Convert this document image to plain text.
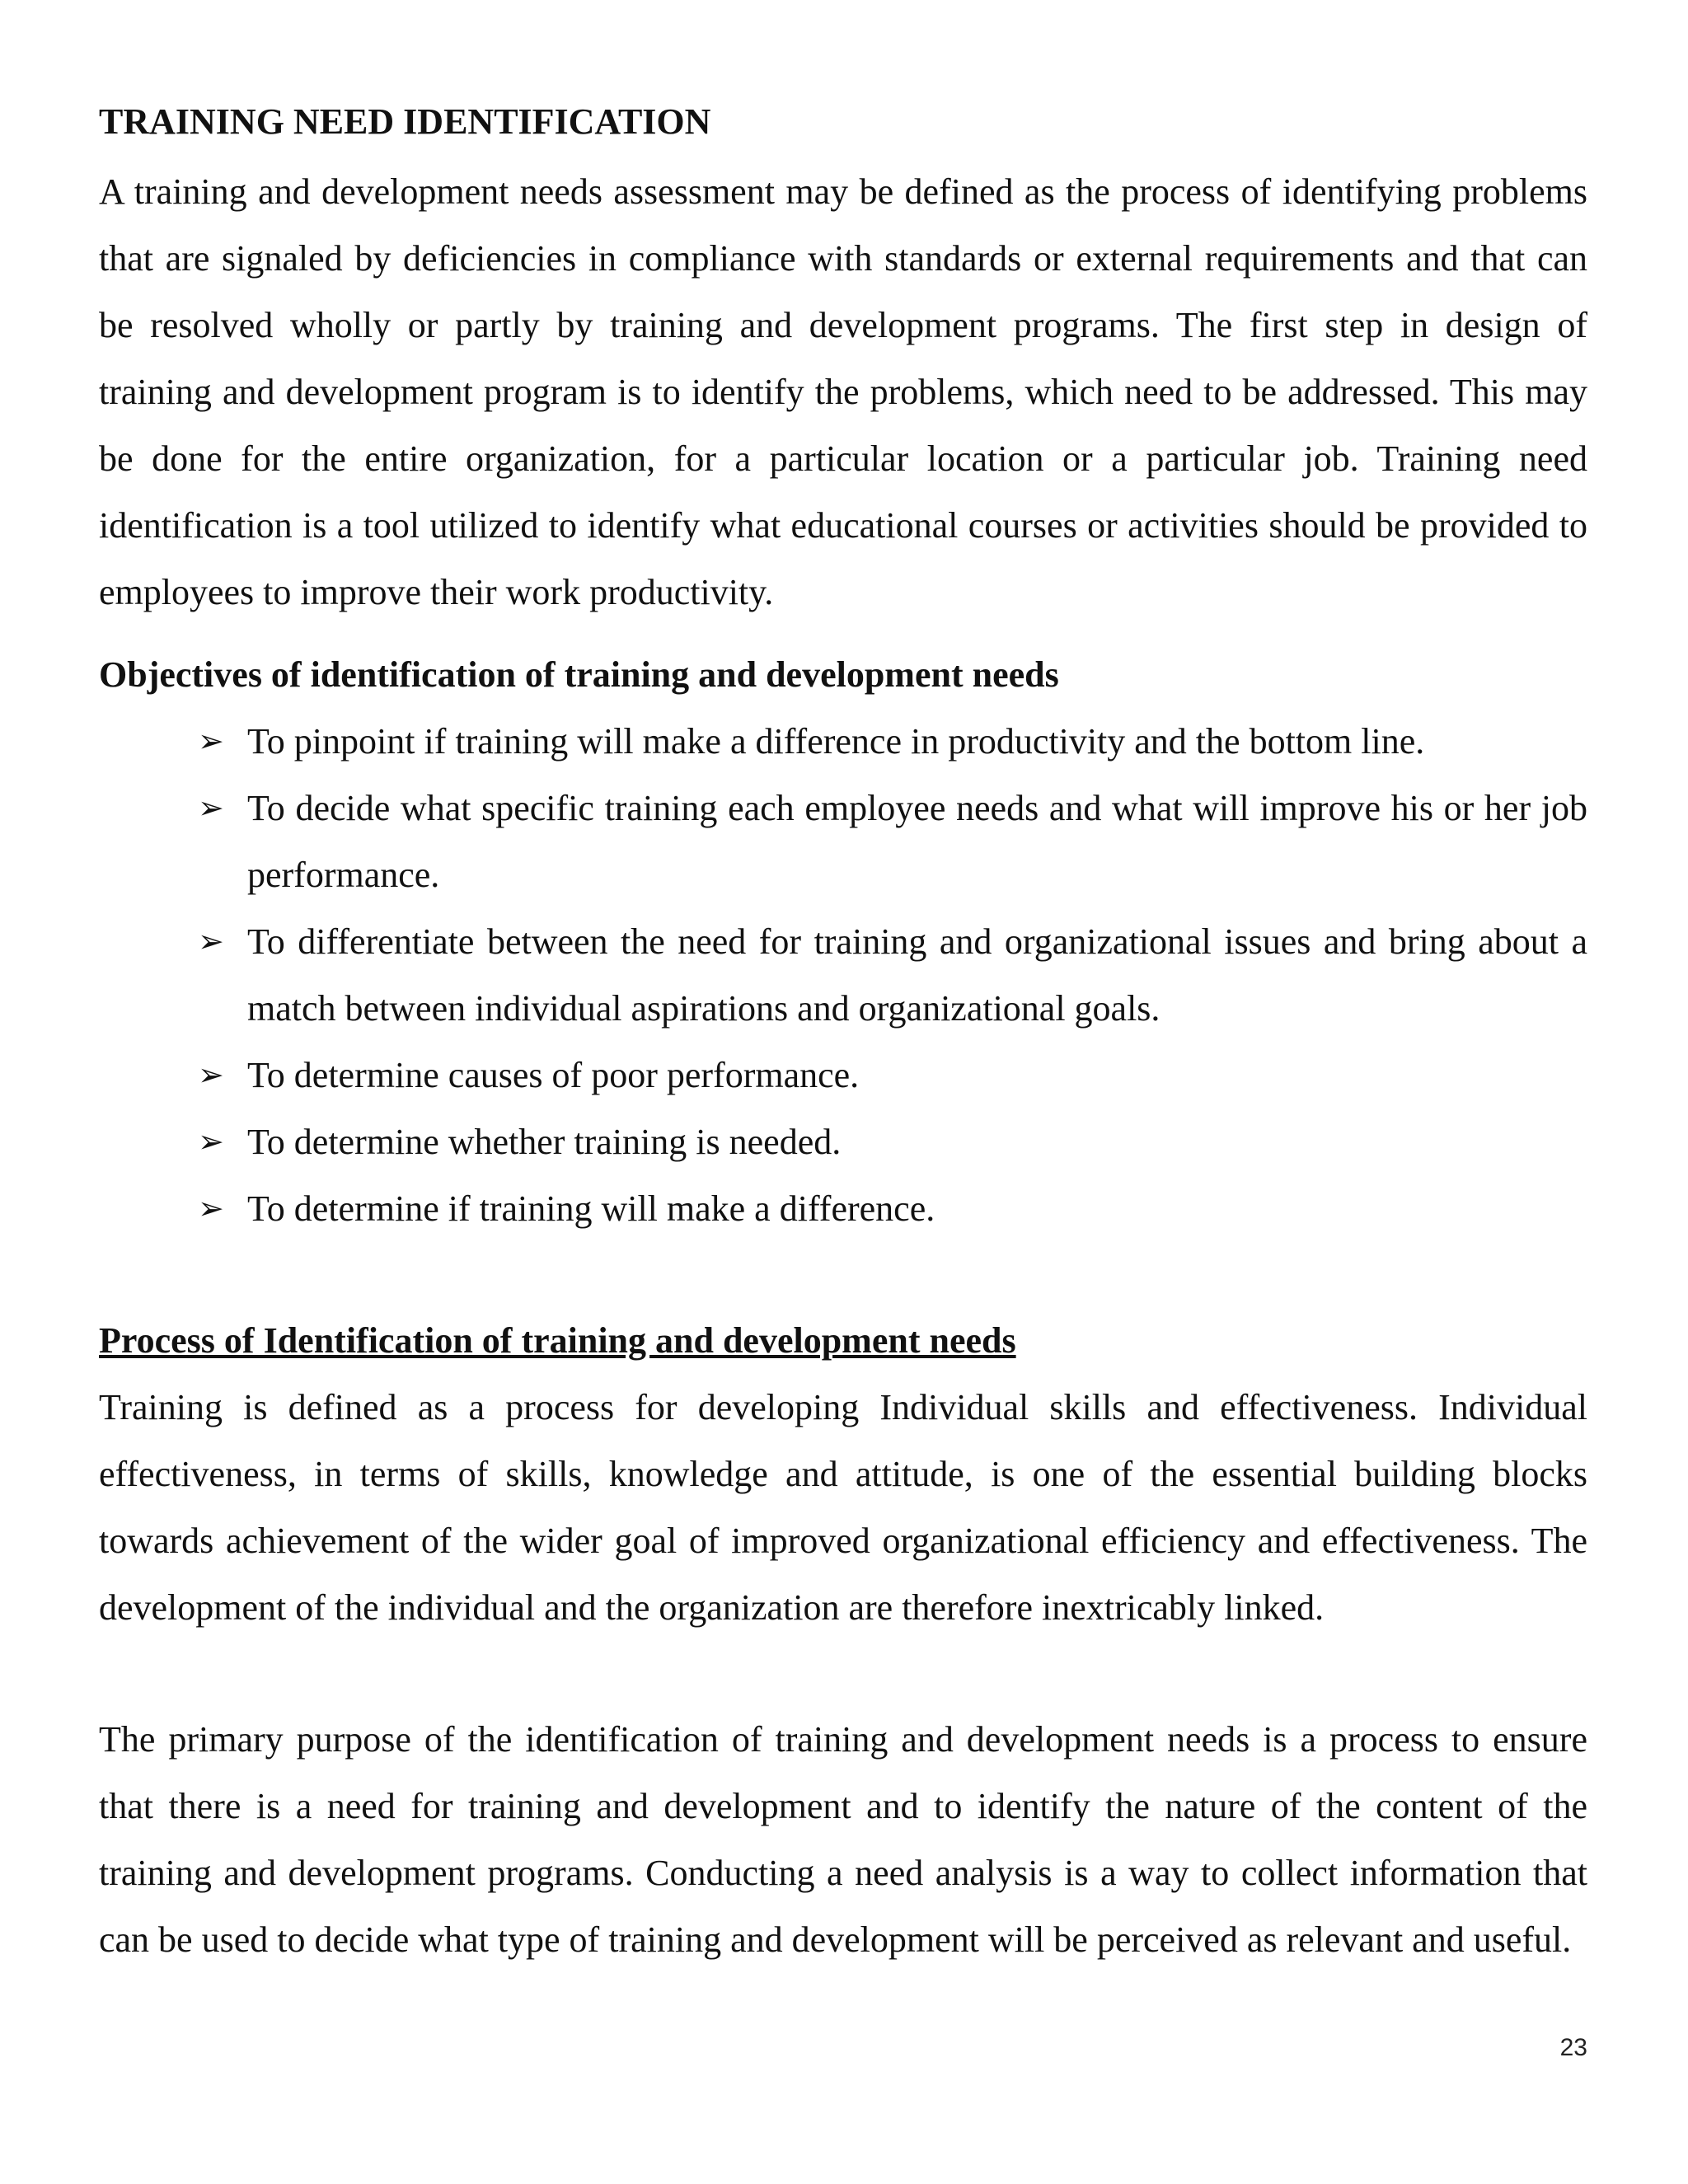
TRAINING NEED IDENTIFICATION

A training and development needs assessment may be defined as the process of identifying problems that are signaled by deficiencies in compliance with standards or external requirements and that can be resolved wholly or partly by training and development programs. The first step in design of training and development program is to identify the problems, which need to be addressed. This may be done for the entire organization, for a particular location or a particular job. Training need identification is a tool utilized to identify what educational courses or activities should be provided to employees to improve their work productivity.

Objectives of identification of training and development needs
➢ To pinpoint if training will make a difference in productivity and the bottom line.
➢ To decide what specific training each employee needs and what will improve his or her job performance.
➢ To differentiate between the need for training and organizational issues and bring about a match between individual aspirations and organizational goals.
➢ To determine causes of poor performance.
➢ To determine whether training is needed.
➢ To determine if training will make a difference.
Process of Identification of training and development needs

Training is defined as a process for developing Individual skills and effectiveness. Individual effectiveness, in terms of skills, knowledge and attitude, is one of the essential building blocks towards achievement of the wider goal of improved organizational efficiency and effectiveness. The development of the individual and the organization are therefore inextricably linked.

The primary purpose of the identification of training and development needs is a process to ensure that there is a need for training and development and to identify the nature of the content of the training and development programs. Conducting a need analysis is a way to collect information that can be used to decide what type of training and development will be perceived as relevant and useful.

23
